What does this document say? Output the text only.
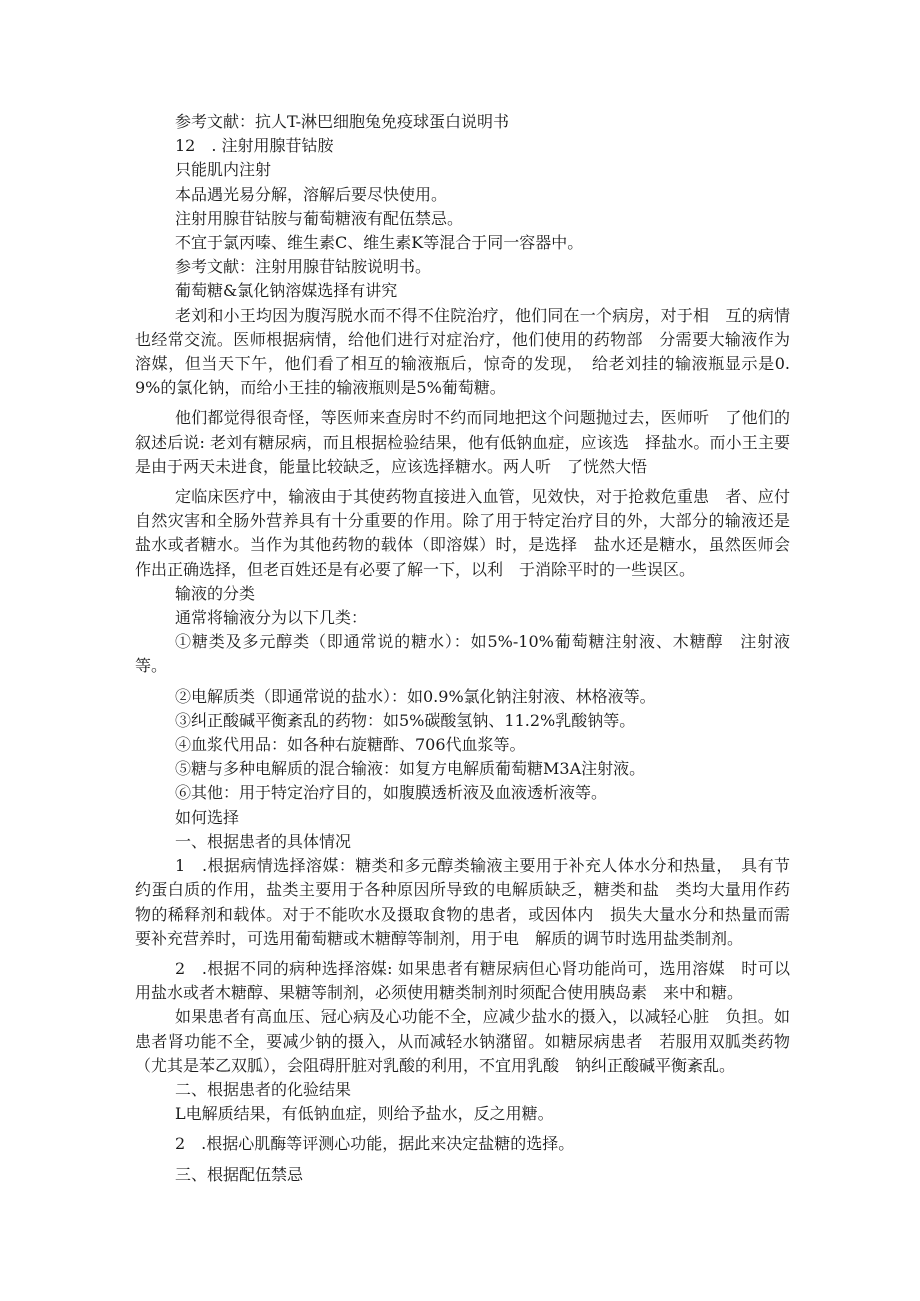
参考文献：抗人T-淋巴细胞兔免疫球蛋白说明书

12　. 注射用腺苷钴胺

只能肌内注射

本品遇光易分解，溶解后要尽快使用。

注射用腺苷钴胺与葡萄糖液有配伍禁忌。

不宜于氯丙嗪、维生素C、维生素K等混合于同一容器中。

参考文献：注射用腺苷钴胺说明书。

葡萄糖&氯化钠溶媒选择有讲究

老刘和小王均因为腹泻脱水而不得不住院治疗，他们同在一个病房，对于相　互的病情也经常交流。医师根据病情，给他们进行对症治疗，他们使用的药物部　分需要大输液作为溶媒，但当天下午，他们看了相互的输液瓶后，惊奇的发现，　给老刘挂的输液瓶显示是0.9%的氯化钠，而给小王挂的输液瓶则是5%葡萄糖。

他们都觉得很奇怪，等医师来查房时不约而同地把这个问题抛过去，医师听　了他们的叙述后说: 老刘有糖尿病，而且根据检验结果，他有低钠血症，应该选　择盐水。而小王主要是由于两天未进食，能量比较缺乏，应该选择糖水。两人听　了恍然大悟

定临床医疗中，输液由于其使药物直接进入血管，见效快，对于抢救危重患　者、应付自然灾害和全肠外营养具有十分重要的作用。除了用于特定治疗目的外，大部分的输液还是盐水或者糖水。当作为其他药物的载体（即溶媒）时，是选择　盐水还是糖水，虽然医师会作出正确选择，但老百姓还是有必要了解一下，以利　于消除平时的一些误区。

输液的分类

通常将输液分为以下几类：

①糖类及多元醇类（即通常说的糖水）：如5%-10%葡萄糖注射液、木糖醇　注射液等。

②电解质类（即通常说的盐水）：如0.9%氯化钠注射液、林格液等。

③纠正酸碱平衡紊乱的药物：如5%碳酸氢钠、11.2%乳酸钠等。

④血浆代用品：如各种右旋糖酢、706代血浆等。

⑤糖与多种电解质的混合输液：如复方电解质葡萄糖M3A注射液。

⑥其他：用于特定治疗目的，如腹膜透析液及血液透析液等。

如何选择

一、根据患者的具体情况

1　.根据病情选择溶媒：糖类和多元醇类输液主要用于补充人体水分和热量，　具有节约蛋白质的作用，盐类主要用于各种原因所导致的电解质缺乏，糖类和盐　类均大量用作药物的稀释剂和载体。对于不能吹水及摄取食物的患者，或因体内　损失大量水分和热量而需要补充营养时，可选用葡萄糖或木糖醇等制剂，用于电　解质的调节时选用盐类制剂。

2　.根据不同的病种选择溶媒: 如果患者有糖尿病但心肾功能尚可，选用溶媒　时可以用盐水或者木糖醇、果糖等制剂，必须使用糖类制剂时须配合使用胰岛素　来中和糖。

如果患者有高血压、冠心病及心功能不全，应减少盐水的摄入，以减轻心脏　负担。如患者肾功能不全，要减少钠的摄入，从而减轻水钠潴留。如糖尿病患者　若服用双胍类药物（尤其是苯乙双胍），会阻碍肝脏对乳酸的利用，不宜用乳酸　钠纠正酸碱平衡紊乱。

二、根据患者的化验结果

L电解质结果，有低钠血症，则给予盐水，反之用糖。

2　.根据心肌酶等评测心功能，据此来决定盐糖的选择。

三、根据配伍禁忌
